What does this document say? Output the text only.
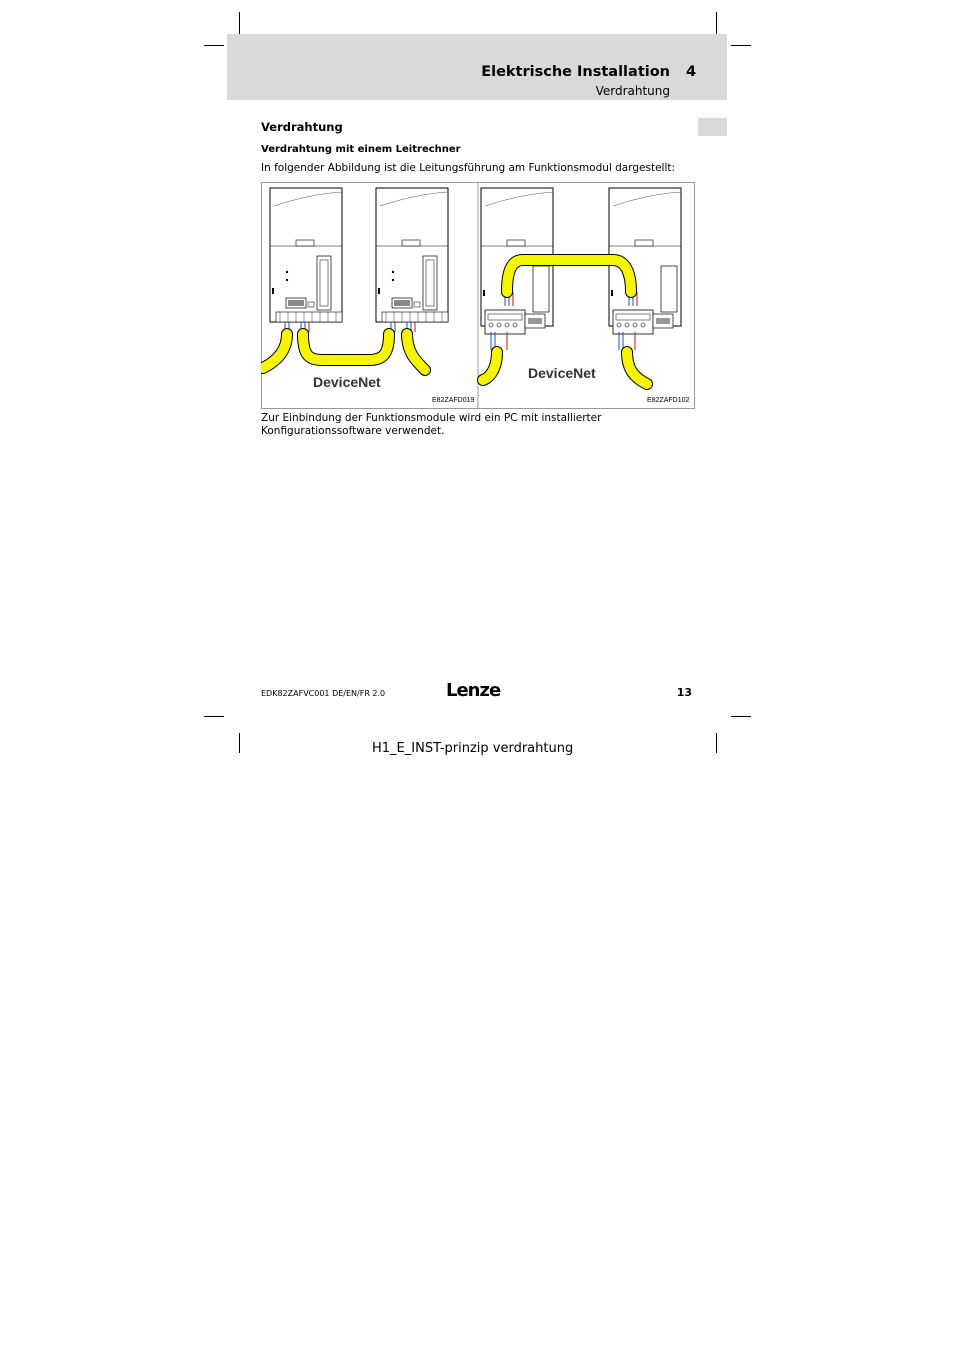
Elektrische Installation 4
Verdrahtung
Verdrahtung
Verdrahtung mit einem Leitrechner
In folgender Abbildung ist die Leitungsführung am Funktionsmodul dargestellt:
DeviceNet
E82ZAFD019
DeviceNet
E82ZAFD102
Zur Einbindung der Funktionsmodule wird ein PC mit installierter Konfigurationssoftware verwendet.
EDK82ZAFVC001 DE/EN/FR 2.0	Lenze	13
H1_E_INST-prinzip verdrahtung
